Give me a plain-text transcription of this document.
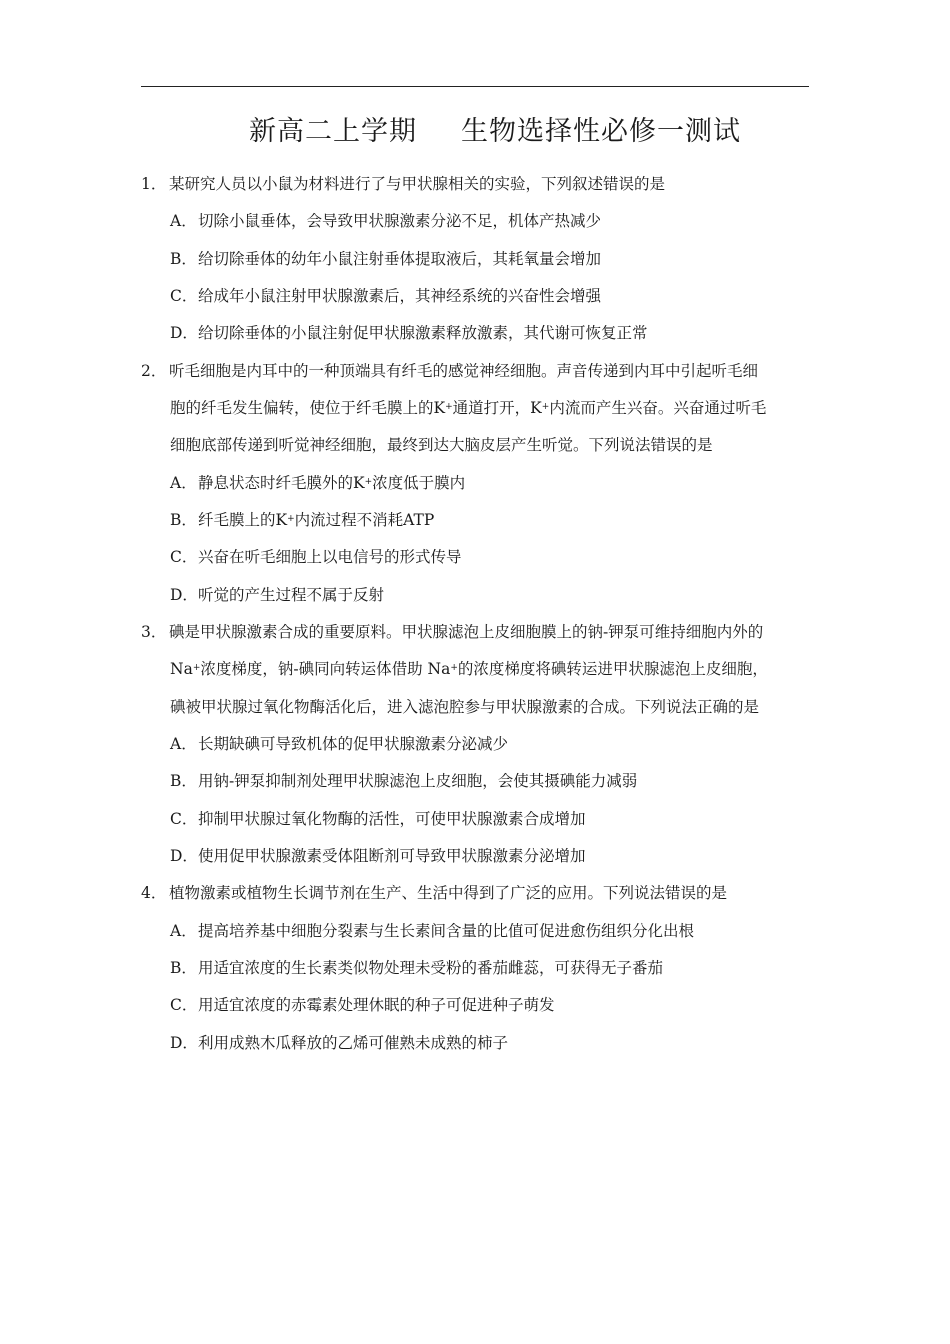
新高二上学期 生物选择性必修一测试
1． 某研究人员以小鼠为材料进行了与甲状腺相关的实验，下列叙述错误的是
A．切除小鼠垂体，会导致甲状腺激素分泌不足，机体产热减少
B．给切除垂体的幼年小鼠注射垂体提取液后，其耗氧量会增加
C．给成年小鼠注射甲状腺激素后，其神经系统的兴奋性会增强
D．给切除垂体的小鼠注射促甲状腺激素释放激素，其代谢可恢复正常
2． 听毛细胞是内耳中的一种顶端具有纤毛的感觉神经细胞。声音传递到内耳中引起听毛细
胞的纤毛发生偏转，使位于纤毛膜上的K+通道打开，K+内流而产生兴奋。兴奋通过听毛
细胞底部传递到听觉神经细胞，最终到达大脑皮层产生听觉。下列说法错误的是
A．静息状态时纤毛膜外的K+浓度低于膜内
B．纤毛膜上的K+内流过程不消耗ATP
C．兴奋在听毛细胞上以电信号的形式传导
D．听觉的产生过程不属于反射
3． 碘是甲状腺激素合成的重要原料。甲状腺滤泡上皮细胞膜上的钠-钾泵可维持细胞内外的
Na+浓度梯度，钠-碘同向转运体借助 Na+的浓度梯度将碘转运进甲状腺滤泡上皮细胞，
碘被甲状腺过氧化物酶活化后，进入滤泡腔参与甲状腺激素的合成。下列说法正确的是
A．长期缺碘可导致机体的促甲状腺激素分泌减少
B．用钠-钾泵抑制剂处理甲状腺滤泡上皮细胞，会使其摄碘能力减弱
C．抑制甲状腺过氧化物酶的活性，可使甲状腺激素合成增加
D．使用促甲状腺激素受体阻断剂可导致甲状腺激素分泌增加
4． 植物激素或植物生长调节剂在生产、生活中得到了广泛的应用。下列说法错误的是
A．提高培养基中细胞分裂素与生长素间含量的比值可促进愈伤组织分化出根
B．用适宜浓度的生长素类似物处理未受粉的番茄雌蕊，可获得无子番茄
C．用适宜浓度的赤霉素处理休眠的种子可促进种子萌发
D．利用成熟木瓜释放的乙烯可催熟未成熟的柿子
